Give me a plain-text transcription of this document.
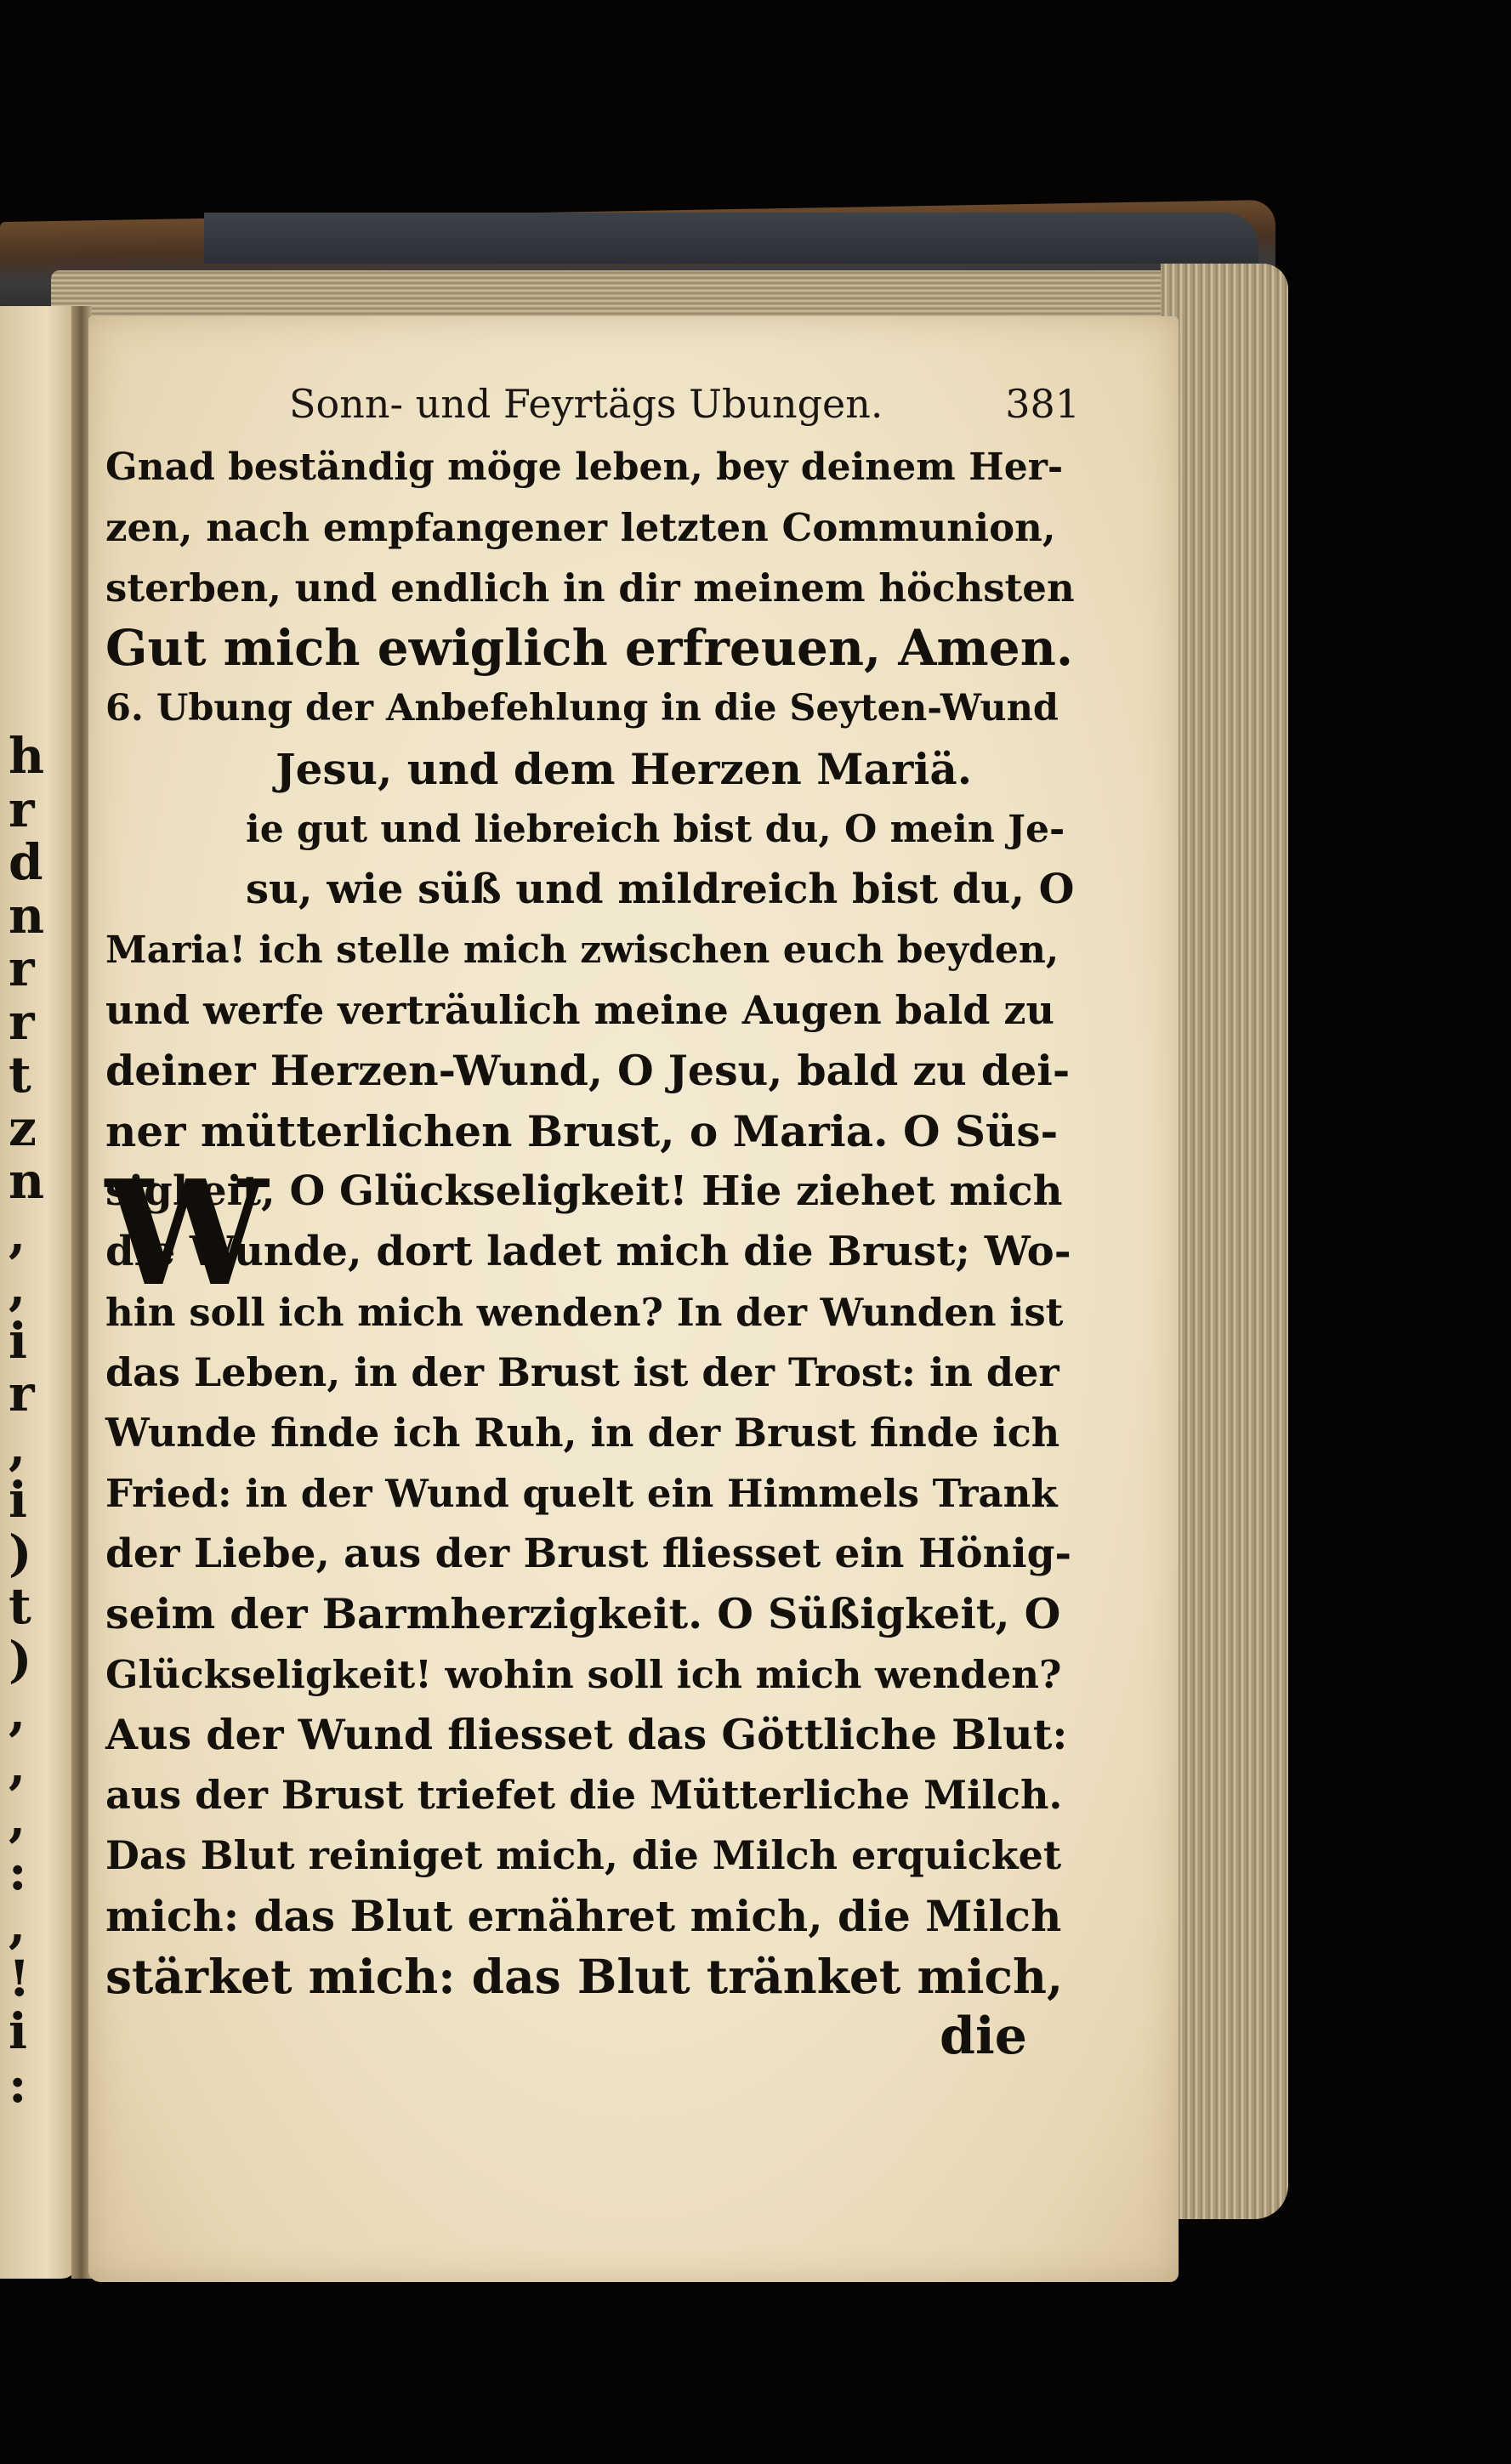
h
r
d
n
r
r
t
z
n
,
,
i
r
,
i
)
t
)
,
,
,
:
,
!
i
:
Sonn- und Feyrtägs Ubungen.	381
W
Gnad beständig möge leben, bey deinem Her-
zen, nach empfangener letzten Communion,
sterben, und endlich in dir meinem höchsten
Gut mich ewiglich erfreuen, Amen.
6. Ubung der Anbefehlung in die Seyten-Wund
Jesu, und dem Herzen Mariä.
ie gut und liebreich bist du, O mein Je-
su, wie süß und mildreich bist du, O
Maria! ich stelle mich zwischen euch beyden,
und werfe verträulich meine Augen bald zu
deiner Herzen-Wund, O Jesu, bald zu dei-
ner mütterlichen Brust, o Maria. O Süs-
sigkeit, O Glückseligkeit! Hie ziehet mich
die Wunde, dort ladet mich die Brust; Wo-
hin soll ich mich wenden? In der Wunden ist
das Leben, in der Brust ist der Trost: in der
Wunde finde ich Ruh, in der Brust finde ich
Fried: in der Wund quelt ein Himmels Trank
der Liebe, aus der Brust fliesset ein Hönig-
seim der Barmherzigkeit. O Süßigkeit, O
Glückseligkeit! wohin soll ich mich wenden?
Aus der Wund fliesset das Göttliche Blut:
aus der Brust triefet die Mütterliche Milch.
Das Blut reiniget mich, die Milch erquicket
mich: das Blut ernähret mich, die Milch
stärket mich: das Blut tränket mich,
die
